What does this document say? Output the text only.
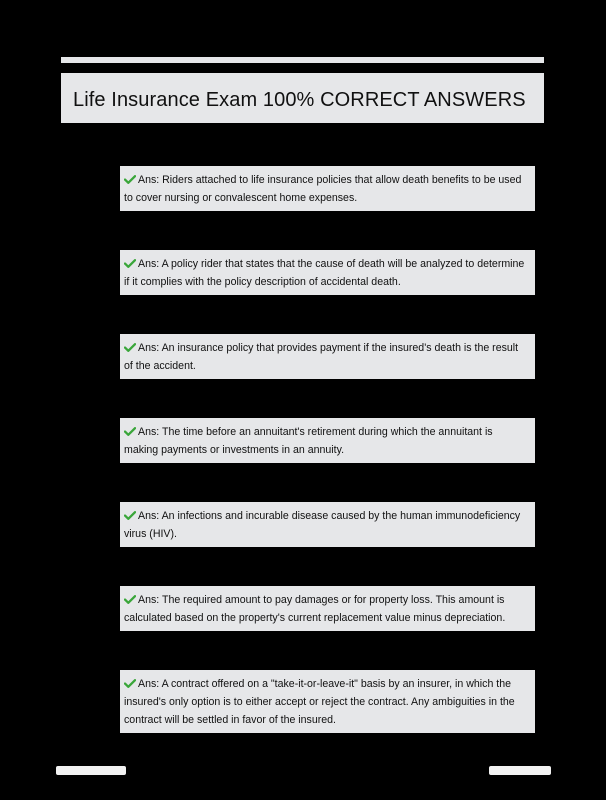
Life Insurance Exam 100% CORRECT ANSWERS
Ans: Riders attached to life insurance policies that allow death benefits to be used to cover nursing or convalescent home expenses.
Ans: A policy rider that states that the cause of death will be analyzed to determine if it complies with the policy description of accidental death.
Ans: An insurance policy that provides payment if the insured's death is the result of the accident.
Ans: The time before an annuitant's retirement during which the annuitant is making payments or investments in an annuity.
Ans: An infections and incurable disease caused by the human immunodeficiency virus (HIV).
Ans: The required amount to pay damages or for property loss. This amount is calculated based on the property's current replacement value minus depreciation.
Ans: A contract offered on a "take-it-or-leave-it" basis by an insurer, in which the insured's only option is to either accept or reject the contract. Any ambiguities in the contract will be settled in favor of the insured.
